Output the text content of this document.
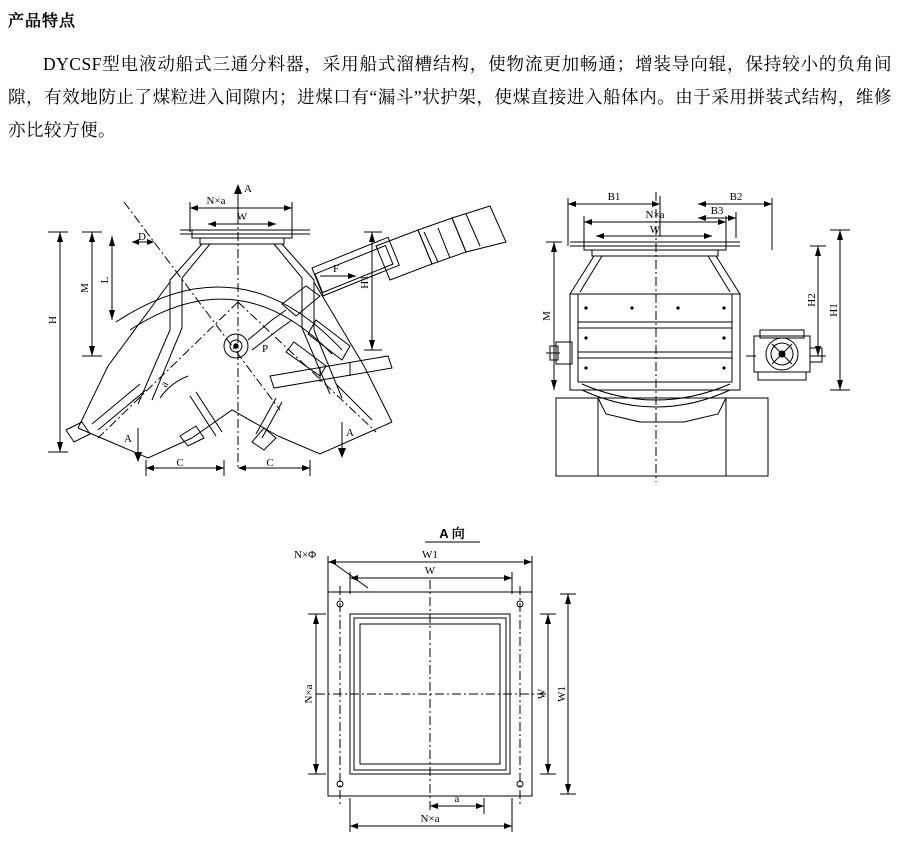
产品特点
DYCSF型电液动船式三通分料器，采用船式溜槽结构，使物流更加畅通；增装导向辊，保持较小的负角间隙，有效地防止了煤粒进入间隙内；进煤口有“漏斗”状护架，使煤直接进入船体内。由于采用拼装式结构，维修亦比较方便。
A
N×a
W
D
L
M
H
H1
F
P
a
A	A
C	C
B1	B2
B3
N×a
W
M	H1
H2
A 向
N×Φ	W1
W
N×a	W W1
a
N×a
